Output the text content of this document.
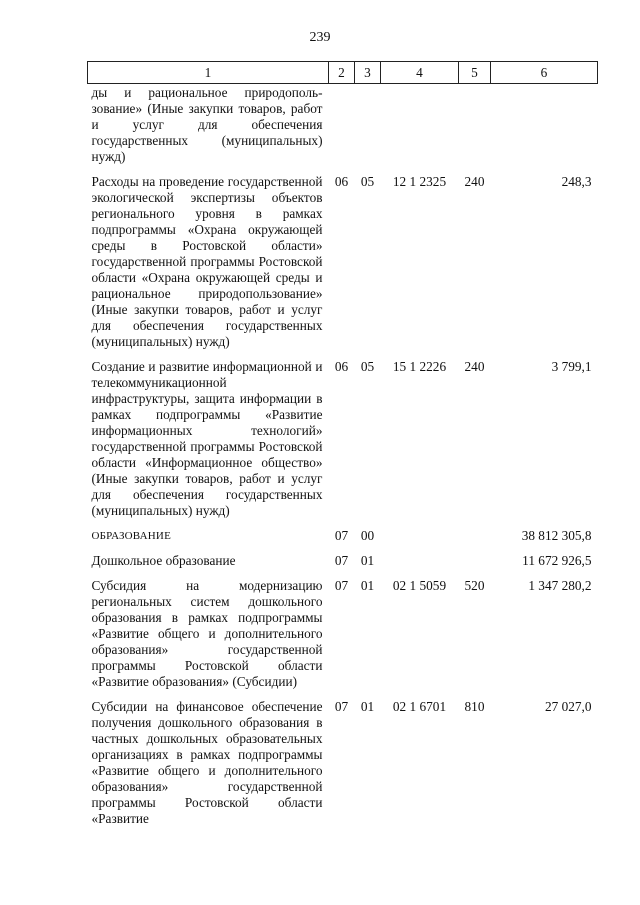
239
1	2	3	4	5	6
ды и рациональное природопользование» (Иные закупки товаров, работ и услуг для обеспечения государственных (муниципальных) нужд)					
Расходы на проведение государственной экологической экспертизы объектов регионального уровня в рамках подпрограммы «Охрана окружающей среды в Ростовской области» государственной программы Ростовской области «Охрана окружающей среды и рациональное природопользование» (Иные закупки товаров, работ и услуг для обеспечения государственных (муниципальных) нужд)	06	05	12 1 2325	240	248,3
Создание и развитие информационной и телекоммуникационной инфраструктуры, защита информации в рамках подпрограммы «Развитие информационных технологий» государственной программы Ростовской области «Информационное общество» (Иные закупки товаров, работ и услуг для обеспечения государственных (муниципальных) нужд)	06	05	15 1 2226	240	3 799,1
ОБРАЗОВАНИЕ	07	00			38 812 305,8
Дошкольное образование	07	01			11 672 926,5
Субсидия на модернизацию региональных систем дошкольного образования в рамках подпрограммы «Развитие общего и дополнительного образования» государственной программы Ростовской области «Развитие образования» (Субсидии)	07	01	02 1 5059	520	1 347 280,2
Субсидии на финансовое обеспечение получения дошкольного образования в частных дошкольных образовательных организациях в рамках подпрограммы «Развитие общего и дополнительного образования» государственной программы Ростовской области «Развитие	07	01	02 1 6701	810	27 027,0
